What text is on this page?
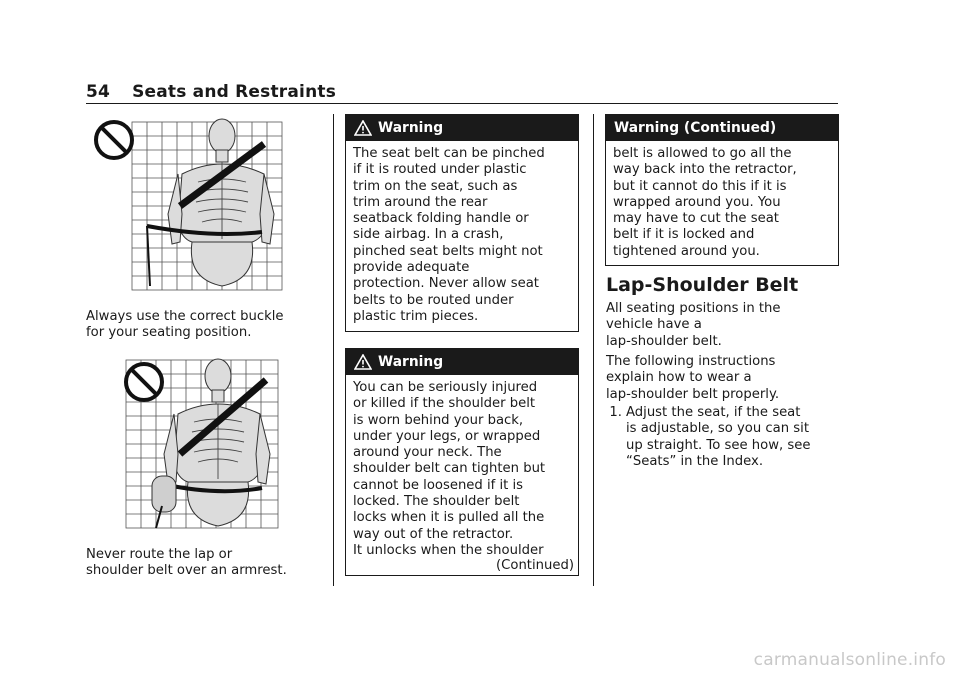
54 Seats and Restraints
Always use the correct buckle
for your seating position.
Never route the lap or
shoulder belt over an armrest.
Warning
The seat belt can be pinched
if it is routed under plastic
trim on the seat, such as
trim around the rear
seatback folding handle or
side airbag. In a crash,
pinched seat belts might not
provide adequate
protection. Never allow seat
belts to be routed under
plastic trim pieces.
Warning
You can be seriously injured
or killed if the shoulder belt
is worn behind your back,
under your legs, or wrapped
around your neck. The
shoulder belt can tighten but
cannot be loosened if it is
locked. The shoulder belt
locks when it is pulled all the
way out of the retractor.
It unlocks when the shoulder
(Continued)
Warning (Continued)
belt is allowed to go all the
way back into the retractor,
but it cannot do this if it is
wrapped around you. You
may have to cut the seat
belt if it is locked and
tightened around you.
Lap-Shoulder Belt
All seating positions in the
vehicle have a
lap-shoulder belt.
The following instructions
explain how to wear a
lap-shoulder belt properly.
1. Adjust the seat, if the seat
is adjustable, so you can sit
up straight. To see how, see
“Seats” in the Index.
carmanualsonline.info
